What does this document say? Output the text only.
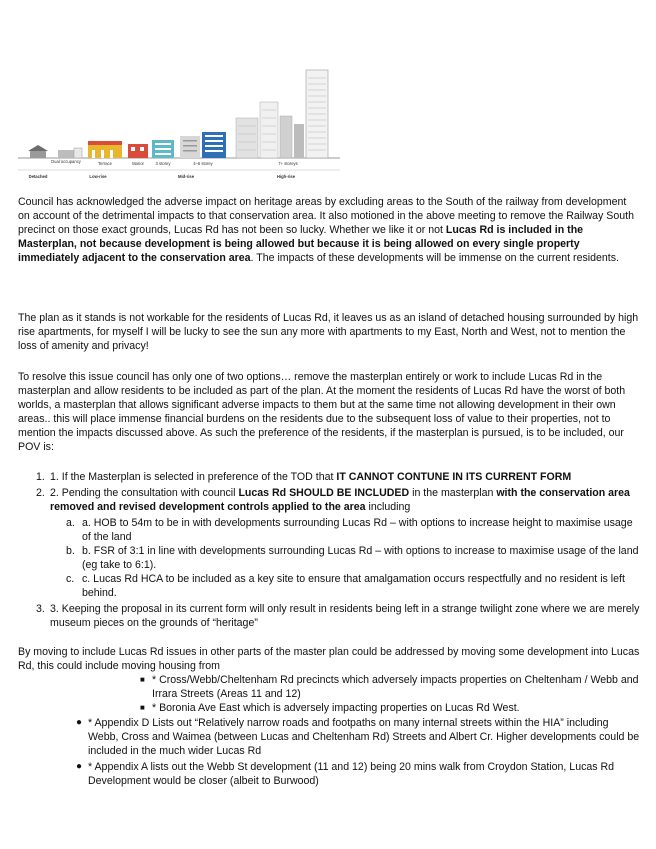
Dual occupancy	Terrace	Manor	3 storey	4–6 storey	7+ storeys
Detached	Low-rise	Mid-rise	High-rise

Council has acknowledged the adverse impact on heritage areas by excluding areas to the South of the railway from development on account of the detrimental impacts to that conservation area. It also motioned in the above meeting to remove the Railway South precinct on those exact grounds, Lucas Rd has not been so lucky. Whether we like it or not Lucas Rd is included in the Masterplan, not because development is being allowed but because it is being allowed on every single property immediately adjacent to the conservation area. The impacts of these developments will be immense on the current residents.

The plan as it stands is not workable for the residents of Lucas Rd, it leaves us as an island of detached housing surrounded by high rise apartments, for myself I will be lucky to see the sun any more with apartments to my East, North and West, not to mention the loss of amenity and privacy!

To resolve this issue council has only one of two options… remove the masterplan entirely or work to include Lucas Rd in the masterplan and allow residents to be included as part of the plan. At the moment the residents of Lucas Rd have the worst of both worlds, a masterplan that allows significant adverse impacts to them but at the same time not allowing development in their own areas.. this will place immense financial burdens on the residents due to the subsequent loss of value to their properties, not to mention the impacts discussed above. As such the preference of the residents, if the masterplan is pursued, is to be included, our POV is:

1. 1. If the Masterplan is selected in preference of the TOD that IT CANNOT CONTUNE IN ITS CURRENT FORM
2. 2. Pending the consultation with council Lucas Rd SHOULD BE INCLUDED in the masterplan with the conservation area removed and revised development controls applied to the area including
a. a. HOB to 54m to be in with developments surrounding Lucas Rd – with options to increase height to maximise usage of the land
b. b. FSR of 3:1 in line with developments surrounding Lucas Rd – with options to increase to maximise usage of the land (eg take to 6:1).
c. c. Lucas Rd HCA to be included as a key site to ensure that amalgamation occurs respectfully and no resident is left behind.
3. 3. Keeping the proposal in its current form will only result in residents being left in a strange twilight zone where we are merely museum pieces on the grounds of “heritage”

By moving to include Lucas Rd issues in other parts of the master plan could be addressed by moving some development into Lucas Rd, this could include moving housing from

■ * Cross/Webb/Cheltenham Rd precincts which adversely impacts properties on Cheltenham / Webb and Irrara Streets (Areas 11 and 12)
■ * Boronia Ave East which is adversely impacting properties on Lucas Rd West.
● * Appendix D Lists out “Relatively narrow roads and footpaths on many internal streets within the HIA” including Webb, Cross and Waimea (between Lucas and Cheltenham Rd) Streets and Albert Cr. Higher developments could be included in the much wider Lucas Rd
● * Appendix A lists out the Webb St development (11 and 12) being 20 mins walk from Croydon Station, Lucas Rd Development would be closer (albeit to Burwood)
